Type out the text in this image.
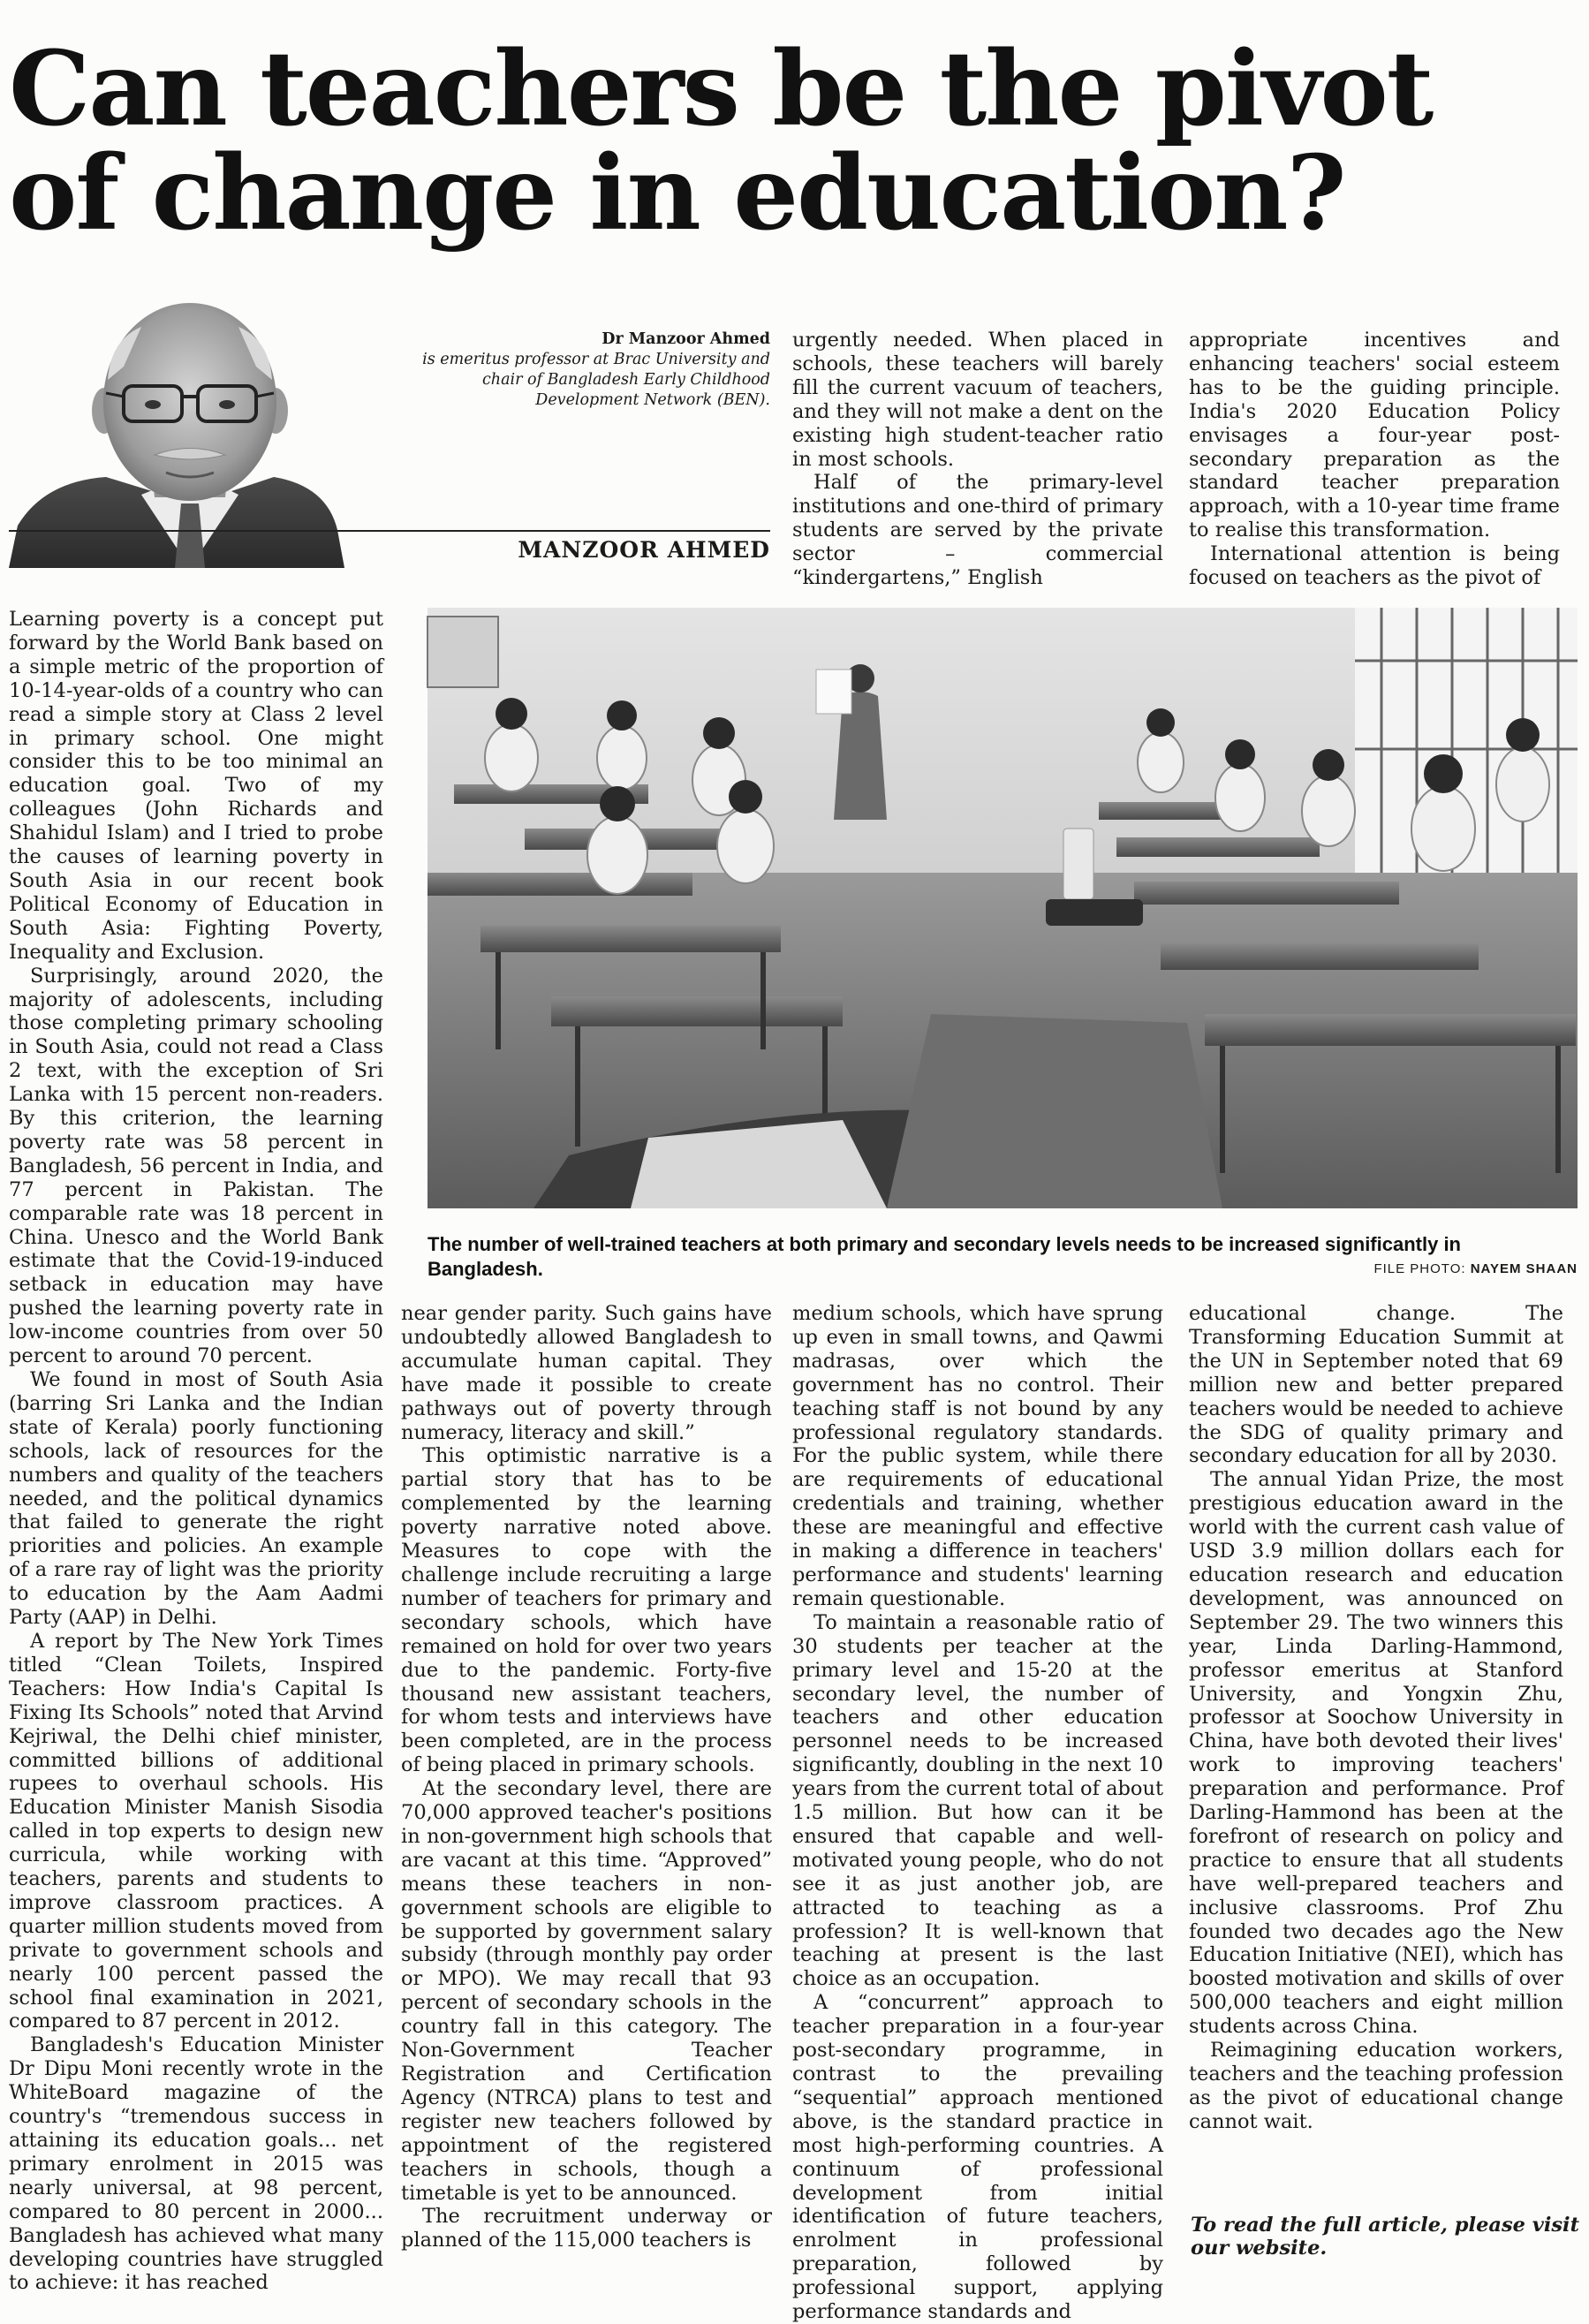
Can teachers be the pivot
of change in education?
Dr Manzoor Ahmed
is emeritus professor at Brac University and chair of Bangladesh Early Childhood Development Network (BEN).
MANZOOR AHMED

urgently needed. When placed in schools, these teachers will barely fill the current vacuum of teachers, and they will not make a dent on the existing high student-teacher ratio in most schools.

Half of the primary-level institutions and one-third of primary students are served by the private sector – commercial “kindergartens,” English

appropriate incentives and enhancing teachers' social esteem has to be the guiding principle. India's 2020 Education Policy envisages a four-year post-secondary preparation as the standard teacher preparation approach, with a 10-year time frame to realise this transformation.

International attention is being focused on teachers as the pivot of

The number of well-trained teachers at both primary and secondary levels needs to be increased significantly in Bangladesh.	FILE PHOTO: NAYEM SHAAN

Learning poverty is a concept put forward by the World Bank based on a simple metric of the proportion of 10-14-year-olds of a country who can read a simple story at Class 2 level in primary school. One might consider this to be too minimal an education goal. Two of my colleagues (John Richards and Shahidul Islam) and I tried to probe the causes of learning poverty in South Asia in our recent book Political Economy of Education in South Asia: Fighting Poverty, Inequality and Exclusion.

Surprisingly, around 2020, the majority of adolescents, including those completing primary schooling in South Asia, could not read a Class 2 text, with the exception of Sri Lanka with 15 percent non-readers. By this criterion, the learning poverty rate was 58 percent in Bangladesh, 56 percent in India, and 77 percent in Pakistan. The comparable rate was 18 percent in China. Unesco and the World Bank estimate that the Covid-19-induced setback in education may have pushed the learning poverty rate in low-income countries from over 50 percent to around 70 percent.

We found in most of South Asia (barring Sri Lanka and the Indian state of Kerala) poorly functioning schools, lack of resources for the numbers and quality of the teachers needed, and the political dynamics that failed to generate the right priorities and policies. An example of a rare ray of light was the priority to education by the Aam Aadmi Party (AAP) in Delhi.

A report by The New York Times titled “Clean Toilets, Inspired Teachers: How India's Capital Is Fixing Its Schools” noted that Arvind Kejriwal, the Delhi chief minister, committed billions of additional rupees to overhaul schools. His Education Minister Manish Sisodia called in top experts to design new curricula, while working with teachers, parents and students to improve classroom practices. A quarter million students moved from private to government schools and nearly 100 percent passed the school final examination in 2021, compared to 87 percent in 2012.

Bangladesh's Education Minister Dr Dipu Moni recently wrote in the WhiteBoard magazine of the country's “tremendous success in attaining its education goals... net primary enrolment in 2015 was nearly universal, at 98 percent, compared to 80 percent in 2000... Bangladesh has achieved what many developing countries have struggled to achieve: it has reached

near gender parity. Such gains have undoubtedly allowed Bangladesh to accumulate human capital. They have made it possible to create pathways out of poverty through numeracy, literacy and skill.”

This optimistic narrative is a partial story that has to be complemented by the learning poverty narrative noted above. Measures to cope with the challenge include recruiting a large number of teachers for primary and secondary schools, which have remained on hold for over two years due to the pandemic. Forty-five thousand new assistant teachers, for whom tests and interviews have been completed, are in the process of being placed in primary schools.

At the secondary level, there are 70,000 approved teacher's positions in non-government high schools that are vacant at this time. “Approved” means these teachers in non-government schools are eligible to be supported by government salary subsidy (through monthly pay order or MPO). We may recall that 93 percent of secondary schools in the country fall in this category. The Non-Government Teacher Registration and Certification Agency (NTRCA) plans to test and register new teachers followed by appointment of the registered teachers in schools, though a timetable is yet to be announced.

The recruitment underway or planned of the 115,000 teachers is

medium schools, which have sprung up even in small towns, and Qawmi madrasas, over which the government has no control. Their teaching staff is not bound by any professional regulatory standards. For the public system, while there are requirements of educational credentials and training, whether these are meaningful and effective in making a difference in teachers' performance and students' learning remain questionable.

To maintain a reasonable ratio of 30 students per teacher at the primary level and 15-20 at the secondary level, the number of teachers and other education personnel needs to be increased significantly, doubling in the next 10 years from the current total of about 1.5 million. But how can it be ensured that capable and well-motivated young people, who do not see it as just another job, are attracted to teaching as a profession? It is well-known that teaching at present is the last choice as an occupation.

A “concurrent” approach to teacher preparation in a four-year post-secondary programme, in contrast to the prevailing “sequential” approach mentioned above, is the standard practice in most high-performing countries. A continuum of professional development from initial identification of future teachers, enrolment in professional preparation, followed by professional support, applying performance standards and

educational change. The Transforming Education Summit at the UN in September noted that 69 million new and better prepared teachers would be needed to achieve the SDG of quality primary and secondary education for all by 2030.

The annual Yidan Prize, the most prestigious education award in the world with the current cash value of USD 3.9 million dollars each for education research and education development, was announced on September 29. The two winners this year, Linda Darling-Hammond, professor emeritus at Stanford University, and Yongxin Zhu, professor at Soochow University in China, have both devoted their lives' work to improving teachers' preparation and performance. Prof Darling-Hammond has been at the forefront of research on policy and practice to ensure that all students have well-prepared teachers and inclusive classrooms. Prof Zhu founded two decades ago the New Education Initiative (NEI), which has boosted motivation and skills of over 500,000 teachers and eight million students across China.

Reimagining education workers, teachers and the teaching profession as the pivot of educational change cannot wait.

To read the full article, please visit our website.
